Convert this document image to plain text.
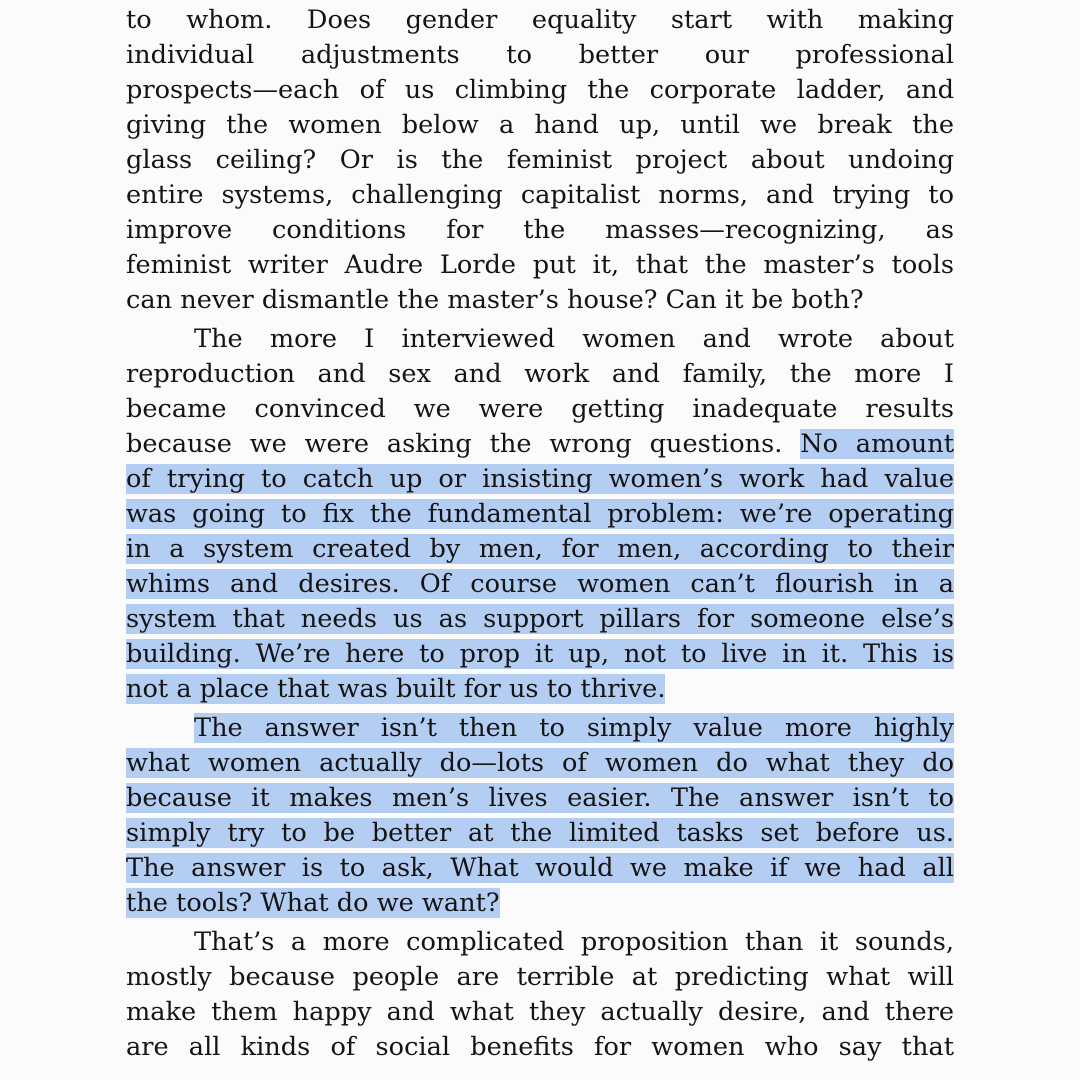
to whom. Does gender equality start with making

individual adjustments to better our professional

prospects—each of us climbing the corporate ladder, and

giving the women below a hand up, until we break the

glass ceiling? Or is the feminist project about undoing

entire systems, challenging capitalist norms, and trying to

improve conditions for the masses—recognizing, as

feminist writer Audre Lorde put it, that the master’s tools

can never dismantle the master’s house? Can it be both?

The more I interviewed women and wrote about

reproduction and sex and work and family, the more I

became convinced we were getting inadequate results

because we were asking the wrong questions. No amount

of trying to catch up or insisting women’s work had value

was going to fix the fundamental problem: we’re operating

in a system created by men, for men, according to their

whims and desires. Of course women can’t flourish in a

system that needs us as support pillars for someone else’s

building. We’re here to prop it up, not to live in it. This is

not a place that was built for us to thrive.

The answer isn’t then to simply value more highly

what women actually do—lots of women do what they do

because it makes men’s lives easier. The answer isn’t to

simply try to be better at the limited tasks set before us.

The answer is to ask, What would we make if we had all

the tools? What do we want?

That’s a more complicated proposition than it sounds,

mostly because people are terrible at predicting what will

make them happy and what they actually desire, and there

are all kinds of social benefits for women who say that
